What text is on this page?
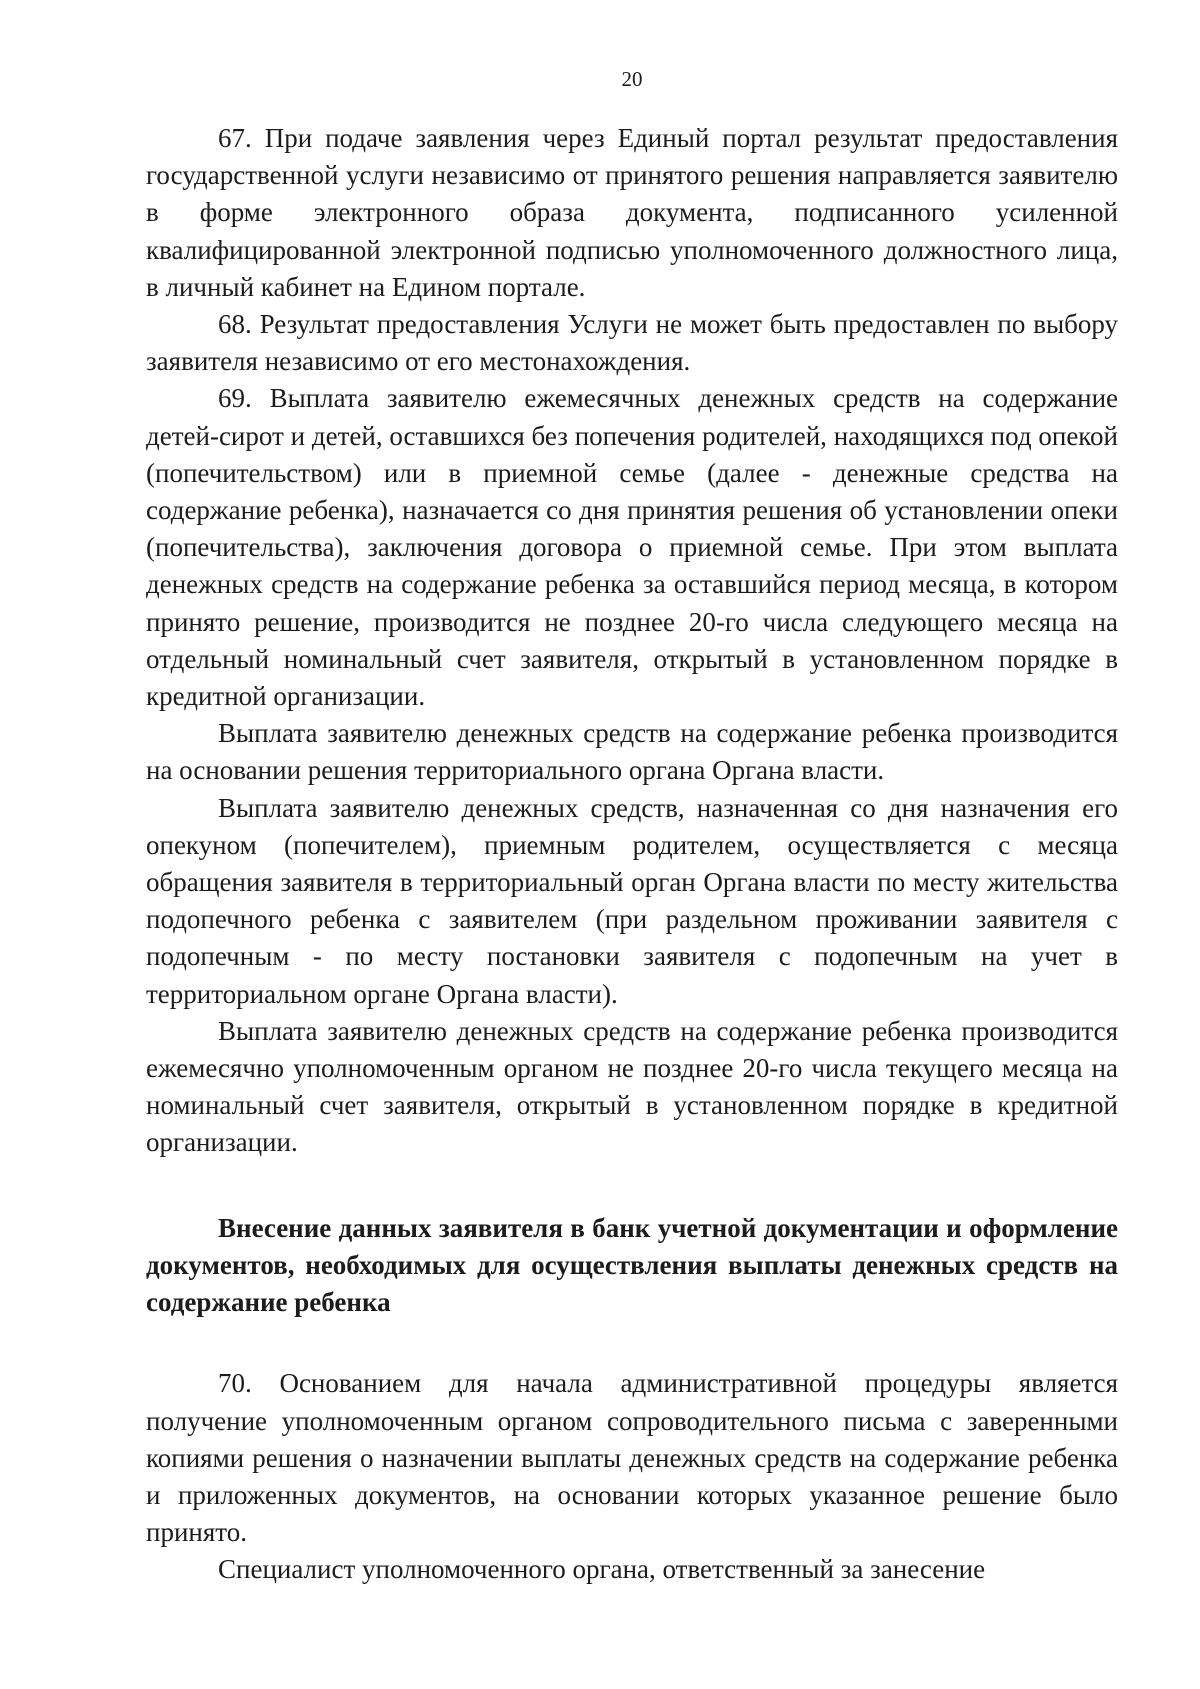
20

67. При подаче заявления через Единый портал результат предоставления государственной услуги независимо от принятого решения направляется заявителю в форме электронного образа документа, подписанного усиленной квалифицированной электронной подписью уполномоченного должностного лица, в личный кабинет на Едином портале.

68. Результат предоставления Услуги не может быть предоставлен по выбору заявителя независимо от его местонахождения.

69. Выплата заявителю ежемесячных денежных средств на содержание детей-сирот и детей, оставшихся без попечения родителей, находящихся под опекой (попечительством) или в приемной семье (далее - денежные средства на содержание ребенка), назначается со дня принятия решения об установлении опеки (попечительства), заключения договора о приемной семье. При этом выплата денежных средств на содержание ребенка за оставшийся период месяца, в котором принято решение, производится не позднее 20-го числа следующего месяца на отдельный номинальный счет заявителя, открытый в установленном порядке в кредитной организации.

Выплата заявителю денежных средств на содержание ребенка производится на основании решения территориального органа Органа власти.

Выплата заявителю денежных средств, назначенная со дня назначения его опекуном (попечителем), приемным родителем, осуществляется с месяца обращения заявителя в территориальный орган Органа власти по месту жительства подопечного ребенка с заявителем (при раздельном проживании заявителя с подопечным - по месту постановки заявителя с подопечным на учет в территориальном органе Органа власти).

Выплата заявителю денежных средств на содержание ребенка производится ежемесячно уполномоченным органом не позднее 20-го числа текущего месяца на номинальный счет заявителя, открытый в установленном порядке в кредитной организации.

Внесение данных заявителя в банк учетной документации и оформление документов, необходимых для осуществления выплаты денежных средств на содержание ребенка

70. Основанием для начала административной процедуры является получение уполномоченным органом сопроводительного письма с заверенными копиями решения о назначении выплаты денежных средств на содержание ребенка и приложенных документов, на основании которых указанное решение было принято.

Специалист уполномоченного органа, ответственный за занесение
